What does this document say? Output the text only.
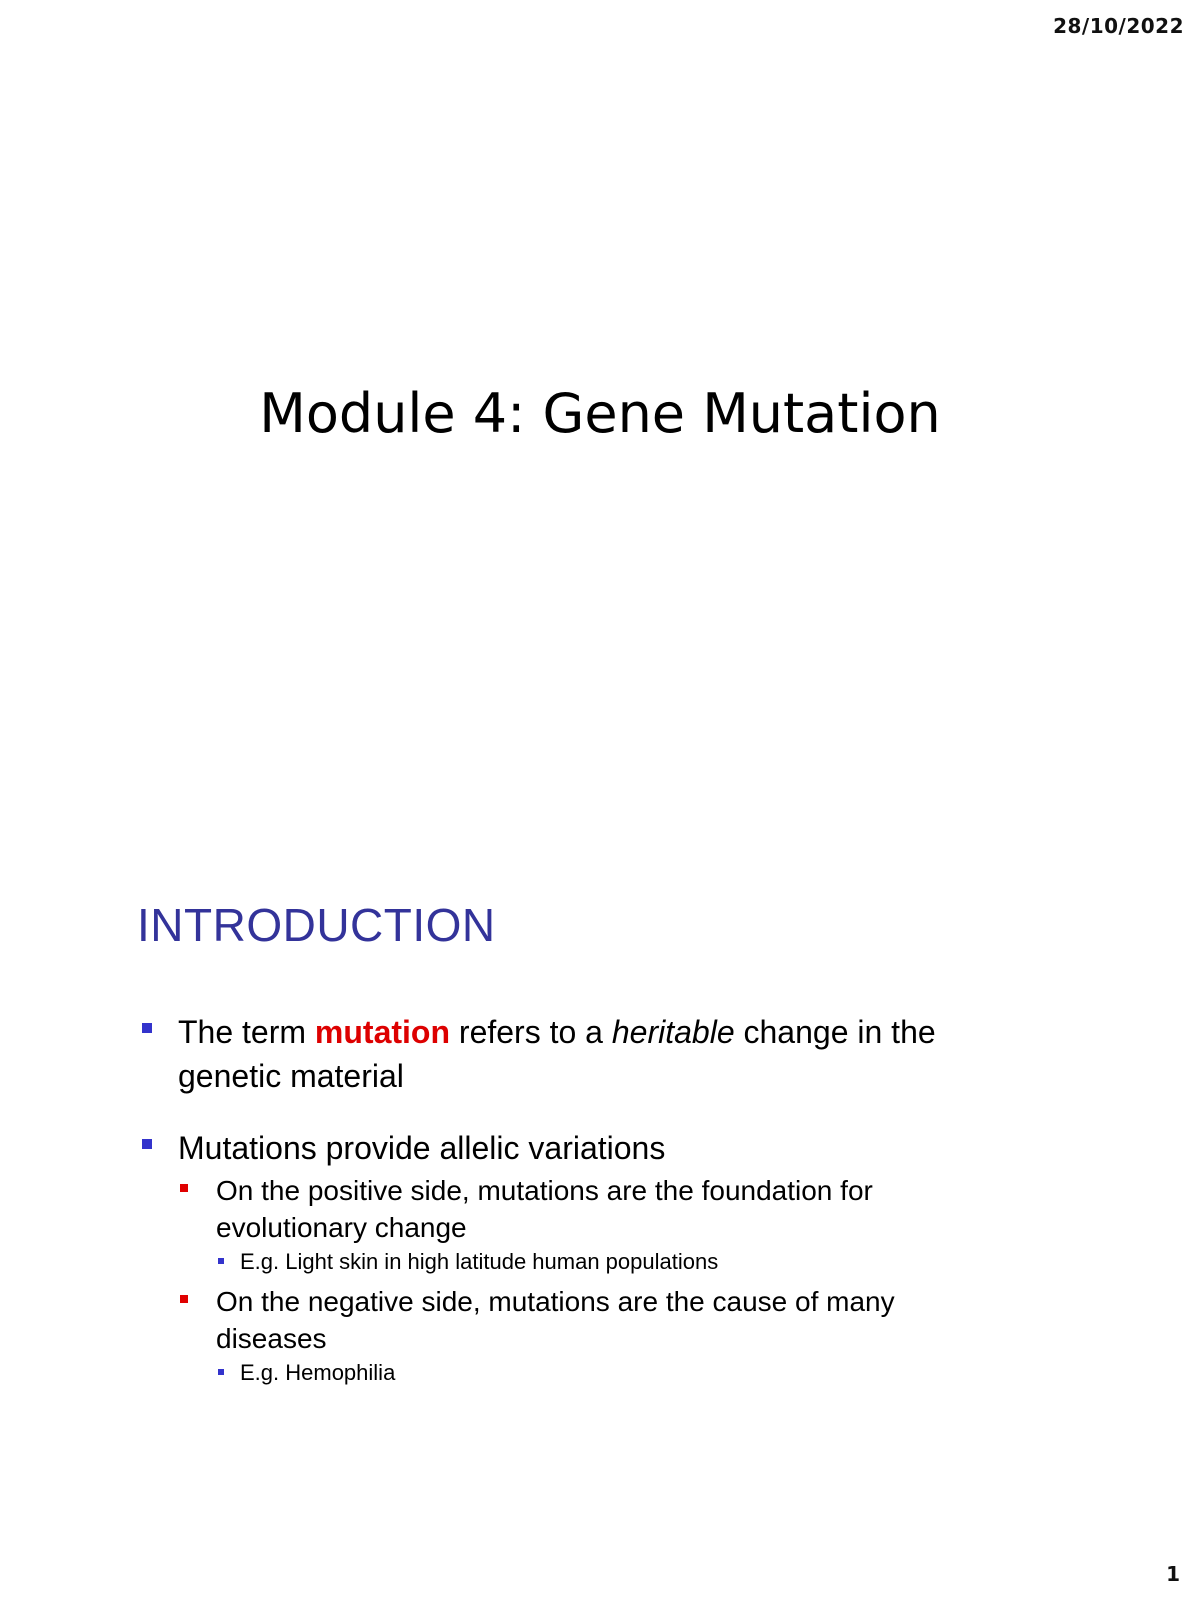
28/10/2022
Module 4: Gene Mutation
INTRODUCTION
The term mutation refers to a heritable change in the genetic material
Mutations provide allelic variations
On the positive side, mutations are the foundation for evolutionary change
E.g. Light skin in high latitude human populations
On the negative side, mutations are the cause of many diseases
E.g. Hemophilia
1
